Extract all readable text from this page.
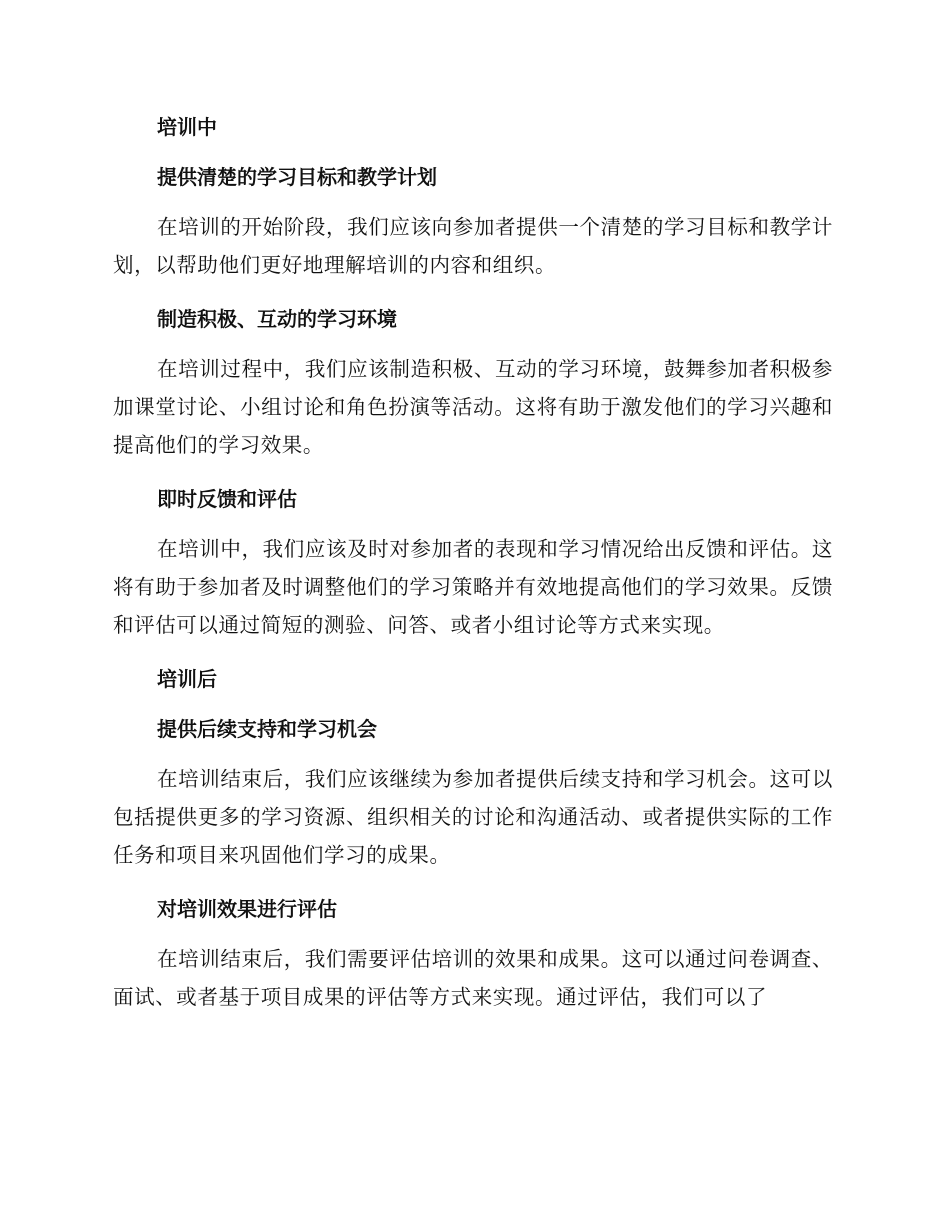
培训中
提供清楚的学习目标和教学计划

在培训的开始阶段，我们应该向参加者提供一个清楚的学习目标和教学计划，以帮助他们更好地理解培训的内容和组织。

制造积极、互动的学习环境

在培训过程中，我们应该制造积极、互动的学习环境，鼓舞参加者积极参加课堂讨论、小组讨论和角色扮演等活动。这将有助于激发他们的学习兴趣和提高他们的学习效果。

即时反馈和评估

在培训中，我们应该及时对参加者的表现和学习情况给出反馈和评估。这将有助于参加者及时调整他们的学习策略并有效地提高他们的学习效果。反馈和评估可以通过简短的测验、问答、或者小组讨论等方式来实现。

培训后
提供后续支持和学习机会

在培训结束后，我们应该继续为参加者提供后续支持和学习机会。这可以包括提供更多的学习资源、组织相关的讨论和沟通活动、或者提供实际的工作任务和项目来巩固他们学习的成果。

对培训效果进行评估

在培训结束后，我们需要评估培训的效果和成果。这可以通过问卷调查、面试、或者基于项目成果的评估等方式来实现。通过评估，我们可以了
